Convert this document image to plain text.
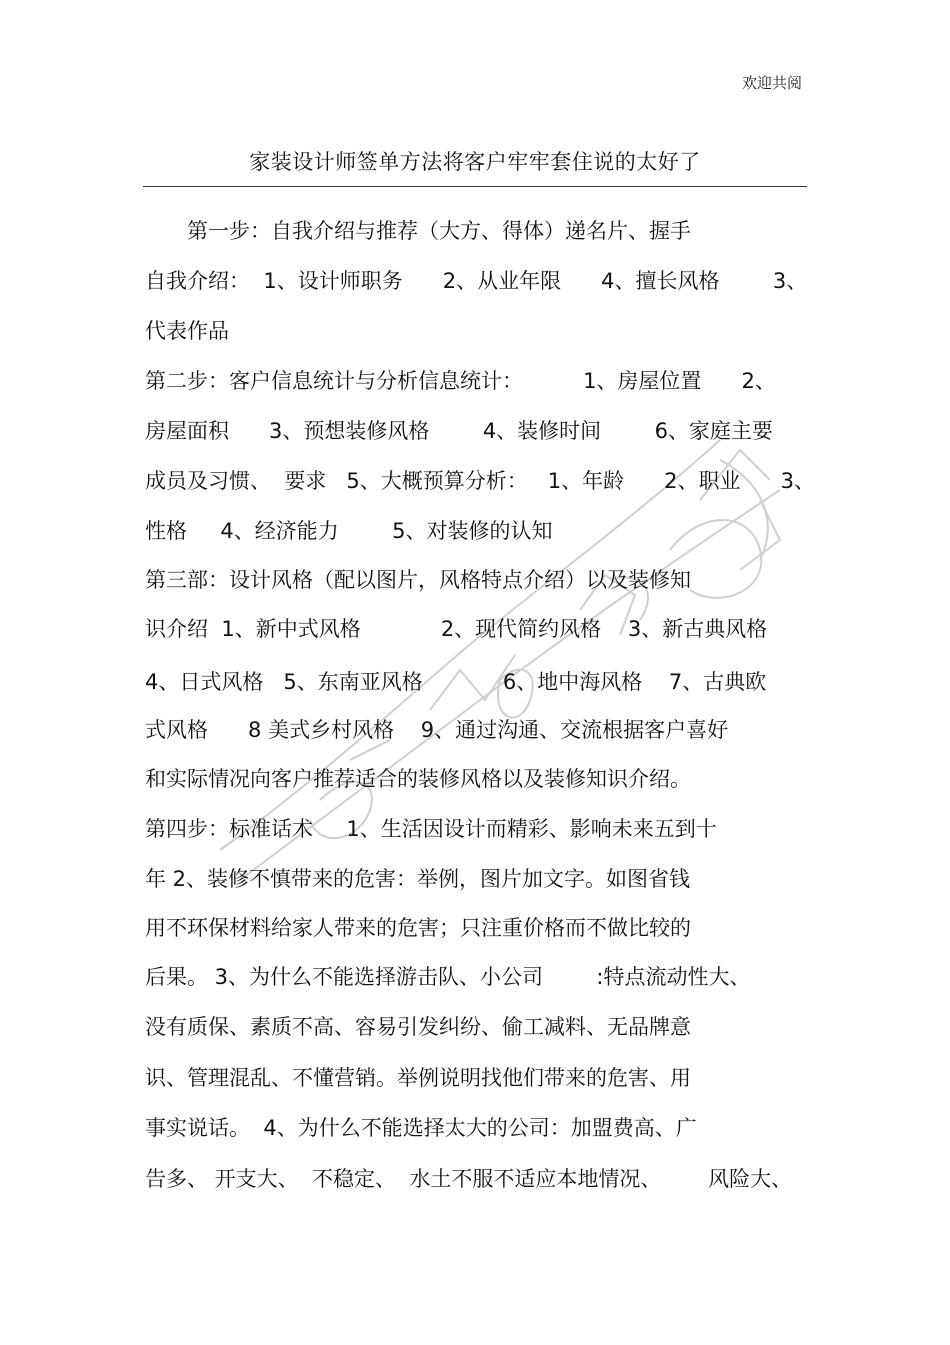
欢迎共阅
家装设计师签单方法将客户牢牢套住说的太好了
　　第一步：自我介绍与推荐（大方、得体）递名片、握手
自我介绍：  1、设计师职务      2、从业年限      4、擅长风格        3、
代表作品
第二步：客户信息统计与分析信息统计：         1、房屋位置      2、
房屋面积      3、预想装修风格        4、装修时间        6、家庭主要
成员及习惯、  要求   5、大概预算分析：   1、年龄      2、职业      3、
性格     4、经济能力        5、对装修的认知
第三部：设计风格（配以图片，风格特点介绍）以及装修知
识介绍  1、新中式风格            2、现代简约风格    3、新古典风格
4、日式风格   5、东南亚风格            6、地中海风格    7、古典欧
式风格      8 美式乡村风格    9、通过沟通、交流根据客户喜好
和实际情况向客户推荐适合的装修风格以及装修知识介绍。
第四步：标准话术     1、生活因设计而精彩、影响未来五到十
年 2、装修不慎带来的危害：举例，图片加文字。如图省钱
用不环保材料给家人带来的危害；只注重价格而不做比较的
后果。 3、为什么不能选择游击队、小公司        :特点流动性大、
没有质保、素质不高、容易引发纠纷、偷工减料、无品牌意
识、管理混乱、不懂营销。举例说明找他们带来的危害、用
事实说话。  4、为什么不能选择太大的公司：加盟费高、广
告多、 开支大、  不稳定、  水土不服不适应本地情况、       风险大、
